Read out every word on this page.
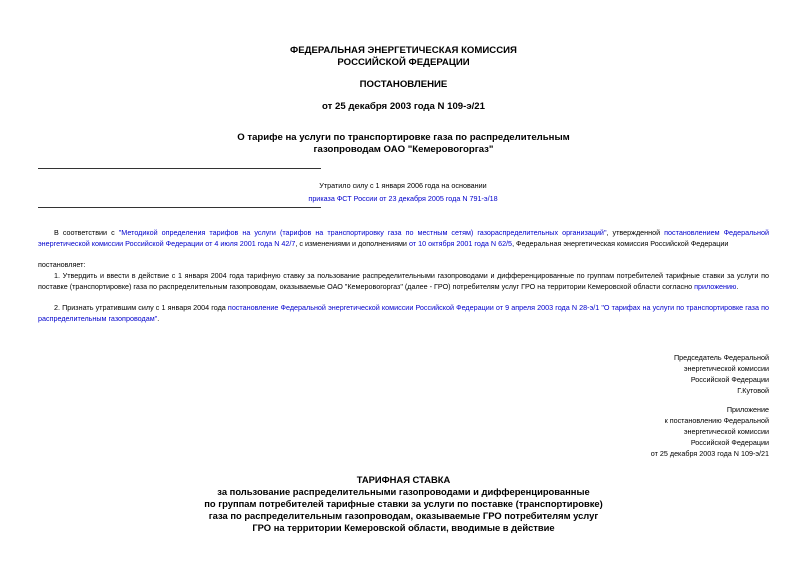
ФЕДЕРАЛЬНАЯ ЭНЕРГЕТИЧЕСКАЯ КОМИССИЯ
РОССИЙСКОЙ ФЕДЕРАЦИИ
ПОСТАНОВЛЕНИЕ
от 25 декабря 2003 года N 109-э/21
О тарифе на услуги по транспортировке газа по распределительным
газопроводам ОАО "Кемеровогоргаз"
Утратило силу с 1 января 2006 года на основании
приказа ФСТ России от 23 декабря 2005 года N 791-э/18
В соответствии с "Методикой определения тарифов на услуги (тарифов на транспортировку газа по местным сетям) газораспределительных организаций", утвержденной постановлением Федеральной энергетической комиссии Российской Федерации от 4 июля 2001 года N 42/7, с изменениями и дополнениями от 10 октября 2001 года N 62/5, Федеральная энергетическая комиссия Российской Федерации
постановляет:
1. Утвердить и ввести в действие с 1 января 2004 года тарифную ставку за пользование распределительными газопроводами и дифференцированные по группам потребителей тарифные ставки за услуги по поставке (транспортировке) газа по распределительным газопроводам, оказываемые ОАО "Кемеровогоргаз" (далее - ГРО) потребителям услуг ГРО на территории Кемеровской области согласно приложению.
2. Признать утратившим силу с 1 января 2004 года постановление Федеральной энергетической комиссии Российской Федерации от 9 апреля 2003 года N 28-э/1 "О тарифах на услуги по транспортировке газа по распределительным газопроводам".
Председатель Федеральной
энергетической комиссии
Российской Федерации
Г.Кутовой
Приложение
к постановлению Федеральной
энергетической комиссии
Российской Федерации
от 25 декабря 2003 года N 109-э/21
ТАРИФНАЯ СТАВКА
за пользование распределительными газопроводами и дифференцированные
по группам потребителей тарифные ставки за услуги по поставке (транспортировке)
газа по распределительным газопроводам, оказываемые ГРО потребителям услуг
ГРО на территории Кемеровской области, вводимые в действие
